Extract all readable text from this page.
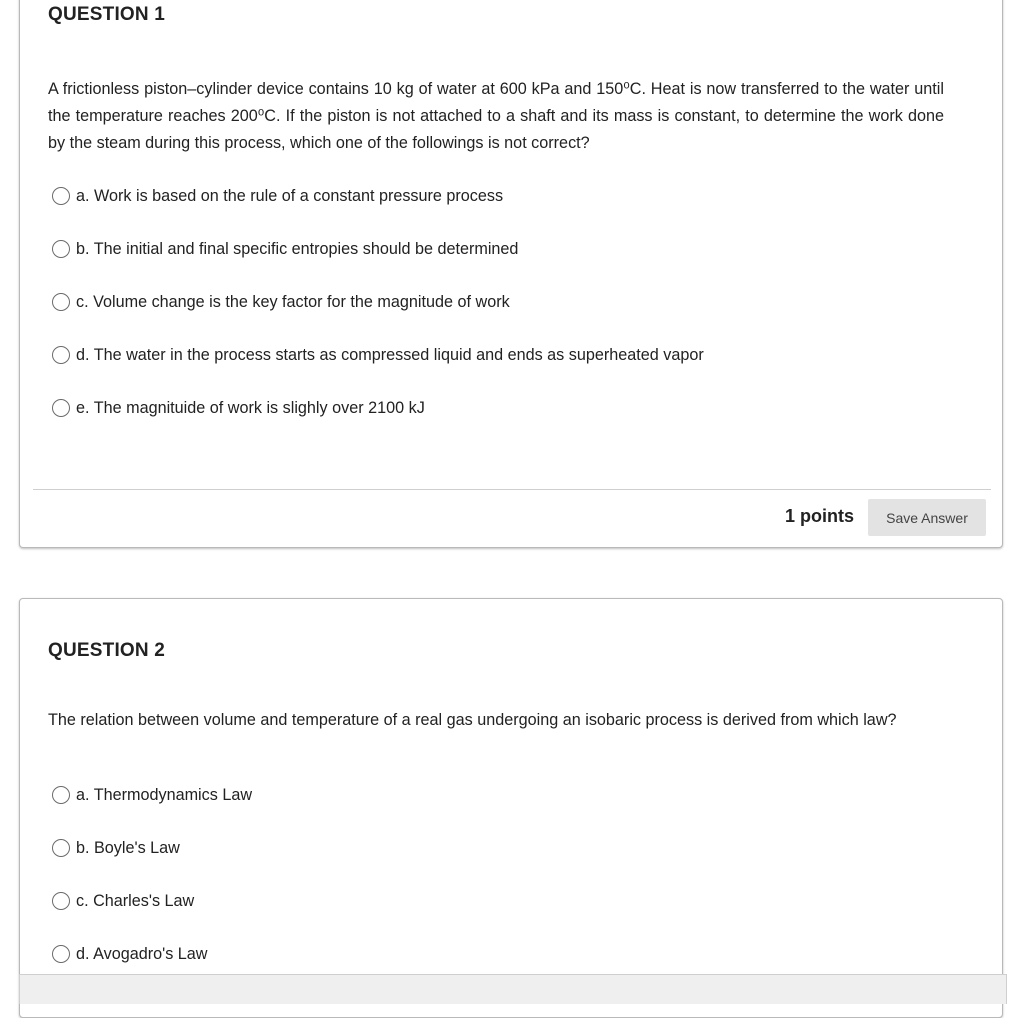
QUESTION 1
A frictionless piston–cylinder device contains 10 kg of water at 600 kPa and 150⁰C. Heat is now transferred to the water until the temperature reaches 200⁰C. If the piston is not attached to a shaft and its mass is constant, to determine the work done by the steam during this process, which one of the followings is not correct?
a. Work is based on the rule of a constant pressure process
b. The initial and final specific entropies should be determined
c. Volume change is the key factor for the magnitude of work
d. The water in the process starts as compressed liquid and ends as superheated vapor
e. The magnituide of work is slighly over 2100 kJ
1 points	Save Answer
QUESTION 2
The relation between volume and temperature of a real gas undergoing an isobaric process is derived from which law?
a. Thermodynamics Law
b. Boyle's Law
c. Charles's Law
d. Avogadro's Law
